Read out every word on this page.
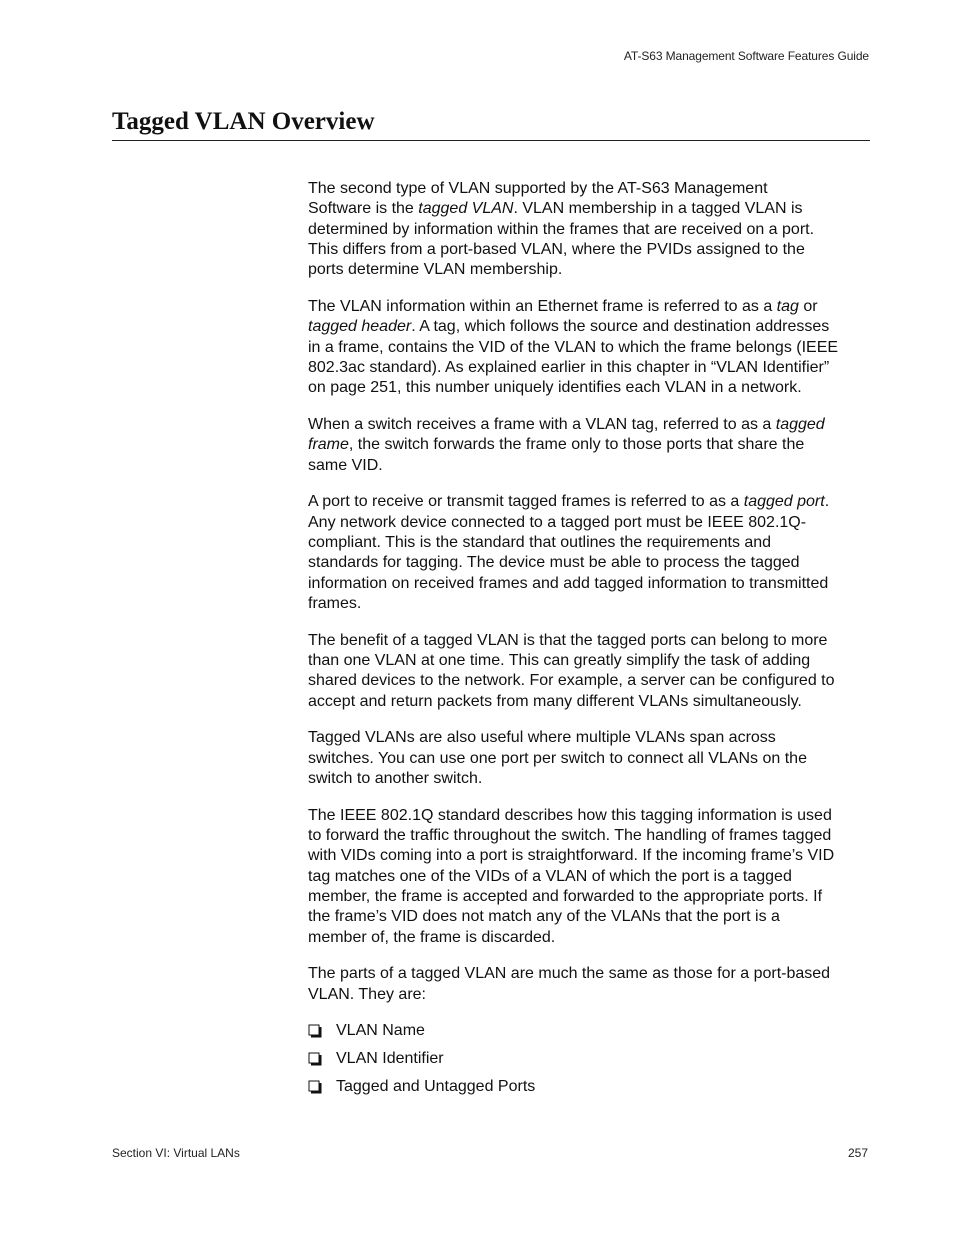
AT-S63 Management Software Features Guide
Tagged VLAN Overview

The second type of VLAN supported by the AT-S63 Management
Software is the tagged VLAN. VLAN membership in a tagged VLAN is
determined by information within the frames that are received on a port.
This differs from a port-based VLAN, where the PVIDs assigned to the
ports determine VLAN membership.

The VLAN information within an Ethernet frame is referred to as a tag or
tagged header. A tag, which follows the source and destination addresses
in a frame, contains the VID of the VLAN to which the frame belongs (IEEE
802.3ac standard). As explained earlier in this chapter in “VLAN Identifier”
on page 251, this number uniquely identifies each VLAN in a network.

When a switch receives a frame with a VLAN tag, referred to as a tagged
frame, the switch forwards the frame only to those ports that share the
same VID.

A port to receive or transmit tagged frames is referred to as a tagged port.
Any network device connected to a tagged port must be IEEE 802.1Q-
compliant. This is the standard that outlines the requirements and
standards for tagging. The device must be able to process the tagged
information on received frames and add tagged information to transmitted
frames.

The benefit of a tagged VLAN is that the tagged ports can belong to more
than one VLAN at one time. This can greatly simplify the task of adding
shared devices to the network. For example, a server can be configured to
accept and return packets from many different VLANs simultaneously.

Tagged VLANs are also useful where multiple VLANs span across
switches. You can use one port per switch to connect all VLANs on the
switch to another switch.

The IEEE 802.1Q standard describes how this tagging information is used
to forward the traffic throughout the switch. The handling of frames tagged
with VIDs coming into a port is straightforward. If the incoming frame’s VID
tag matches one of the VIDs of a VLAN of which the port is a tagged
member, the frame is accepted and forwarded to the appropriate ports. If
the frame’s VID does not match any of the VLANs that the port is a
member of, the frame is discarded.

The parts of a tagged VLAN are much the same as those for a port-based
VLAN. They are:

VLAN Name
VLAN Identifier
Tagged and Untagged Ports
Section VI: Virtual LANs	257
